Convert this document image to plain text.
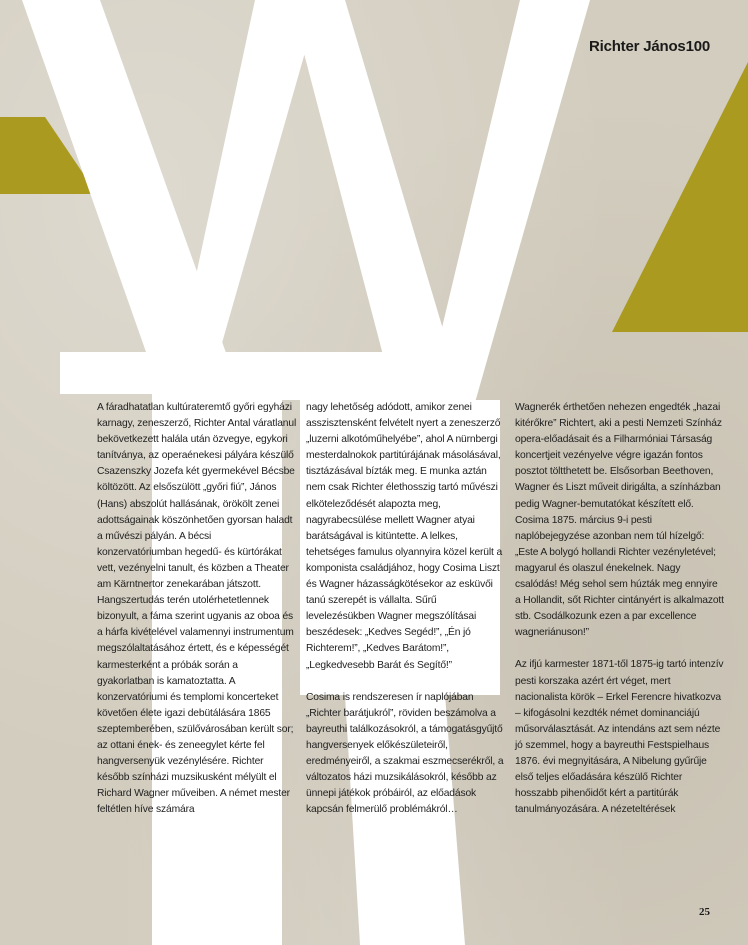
Richter János100

A fáradhatatlan kultúrateremtő győri egyházi karnagy, zeneszerző, Richter Antal váratlanul bekövetkezett halála után özvegye, egykori tanítványa, az operaénekesi pályára készülő Csazenszky Jozefa két gyermekével Bécsbe költözött. Az elsőszülött „győri fiú”, János (Hans) abszolút hallásának, örökölt zenei adottságainak köszönhetően gyorsan haladt a művészi pályán. A bécsi konzervatóriumban hegedű- és kürtórákat vett, vezényelni tanult, és közben a Theater am Kärntnertor zenekarában játszott. Hangszertudás terén utolérhetetlennek bizonyult, a fáma szerint ugyanis az oboa és a hárfa kivételével valamennyi instrumentum megszólaltatásához értett, és e képességét karmesterként a próbák során a gyakorlatban is kamatoztatta. A konzervatóriumi és templomi koncerteket követően élete igazi debütálására 1865 szeptemberében, szülővárosában került sor; az ottani ének- és zeneegylet kérte fel hangversenyük vezénylésére. Richter később színházi muzsikusként mélyült el Richard Wagner műveiben. A német mester feltétlen híve számára

nagy lehetőség adódott, amikor zenei asszisztensként felvételt nyert a zeneszerző „luzerni alkotóműhelyébe”, ahol A nürnbergi mesterdalnokok partitúrájának másolásával, tisztázásával bízták meg. E munka aztán nem csak Richter élethosszig tartó művészi elköteleződését alapozta meg, nagyrabecsülése mellett Wagner atyai barátságával is kitüntette. A lelkes, tehetséges famulus olyannyira közel került a komponista családjához, hogy Cosima Liszt és Wagner házasságkötésekor az esküvői tanú szerepét is vállalta. Sűrű levelezésükben Wagner megszólításai beszédesek: „Kedves Segéd!”, „Én jó Richterem!”, „Kedves Barátom!”, „Legkedvesebb Barát és Segítő!”

Cosima is rendszeresen ír naplójában „Richter barátjukról”, röviden beszámolva a bayreuthi találkozásokról, a támogatásgyűjtő hangversenyek előkészületeiről, eredményeiről, a szakmai eszmecserékről, a változatos házi muzsikálásokról, később az ünnepi játékok próbáiról, az előadások kapcsán felmerülő problémákról…

Wagnerék érthetően nehezen engedték „hazai kitérőkre” Richtert, aki a pesti Nemzeti Színház opera-előadásait és a Filharmóniai Társaság koncertjeit vezényelve végre igazán fontos posztot töltthetett be. Elsősorban Beethoven, Wagner és Liszt műveit dirigálta, a színházban pedig Wagner-bemutatókat készített elő. Cosima 1875. március 9-i pesti naplóbejegyzése azonban nem túl hízelgő: „Este A bolygó hollandi Richter vezényletével; magyarul és olaszul énekelnek. Nagy csalódás! Még sehol sem húzták meg ennyire a Hollandit, sőt Richter cintányért is alkalmazott stb. Csodálkozunk ezen a par excellence wagneriánuson!”

Az ifjú karmester 1871-től 1875-ig tartó intenzív pesti korszaka azért ért véget, mert nacionalista körök – Erkel Ferencre hivatkozva – kifogásolni kezdték német dominanciájú műsorválasztását. Az intendáns azt sem nézte jó szemmel, hogy a bayreuthi Festspielhaus 1876. évi megnyitására, A Nibelung gyűrűje első teljes előadására készülő Richter hosszabb pihenőidőt kért a partitúrák tanulmányozására. A nézeteltérések

25
